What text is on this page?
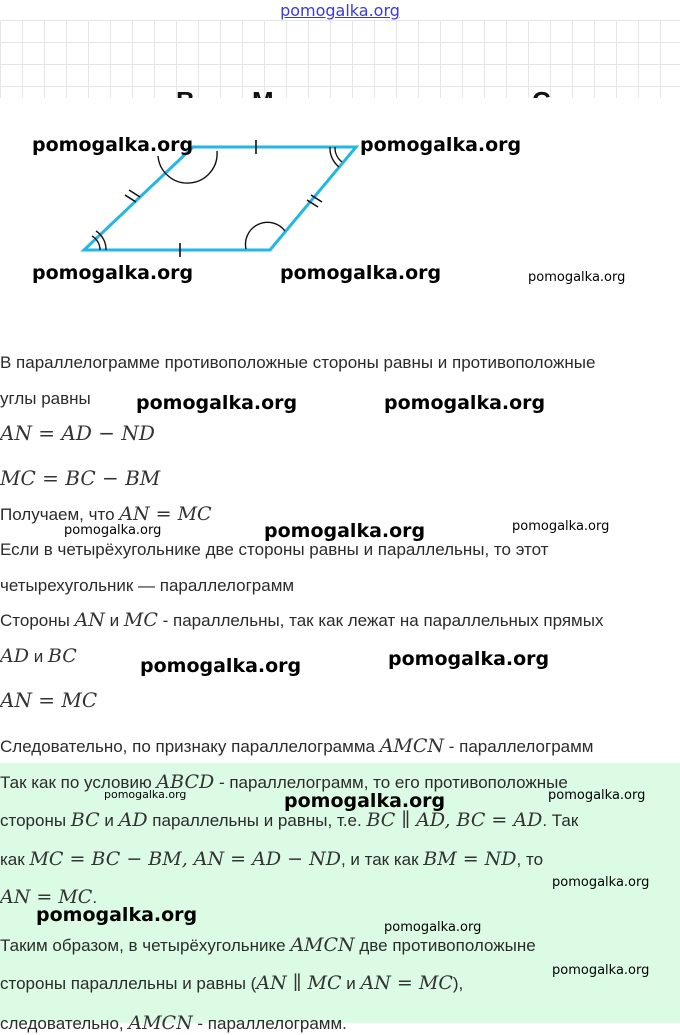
pomogalka.org
pomogalka.org	pomogalka.org
pomogalka.org	pomogalka.org	pomogalka.org
В параллелограмме противоположные стороны равны и противоположные
углы равны pomogalka.org	pomogalka.org
AN = AD − ND
MC = BC − BM
Получаем, что AN = MC
pomogalka.org	pomogalka.org	pomogalka.org
Если в четырёхугольнике две стороны равны и параллельны, то этот
четырехугольник — параллелограмм
Стороны AN и MC - параллельны, так как лежат на параллельных прямых
AD и BC	pomogalka.org	pomogalka.org
AN = MC
Следовательно, по признаку параллелограмма AMCN - параллелограмм
Так как по условию ABCD - параллелограмм, то его противоположные
pomogalka.org	pomogalka.org	pomogalka.org
стороны BC и AD параллельны и равны, т.е. BC ∥ AD, BC = AD. Так
как MC = BC − BM, AN = AD − ND, и так как BM = ND, то
AN = MC.
pomogalka.org
pomogalka.org
pomogalka.org
Таким образом, в четырёхугольнике AMCN две противоположыне
стороны параллельны и равны (AN ∥ MC и AN = MC),
pomogalka.org
следовательно, AMCN - параллелограмм.
